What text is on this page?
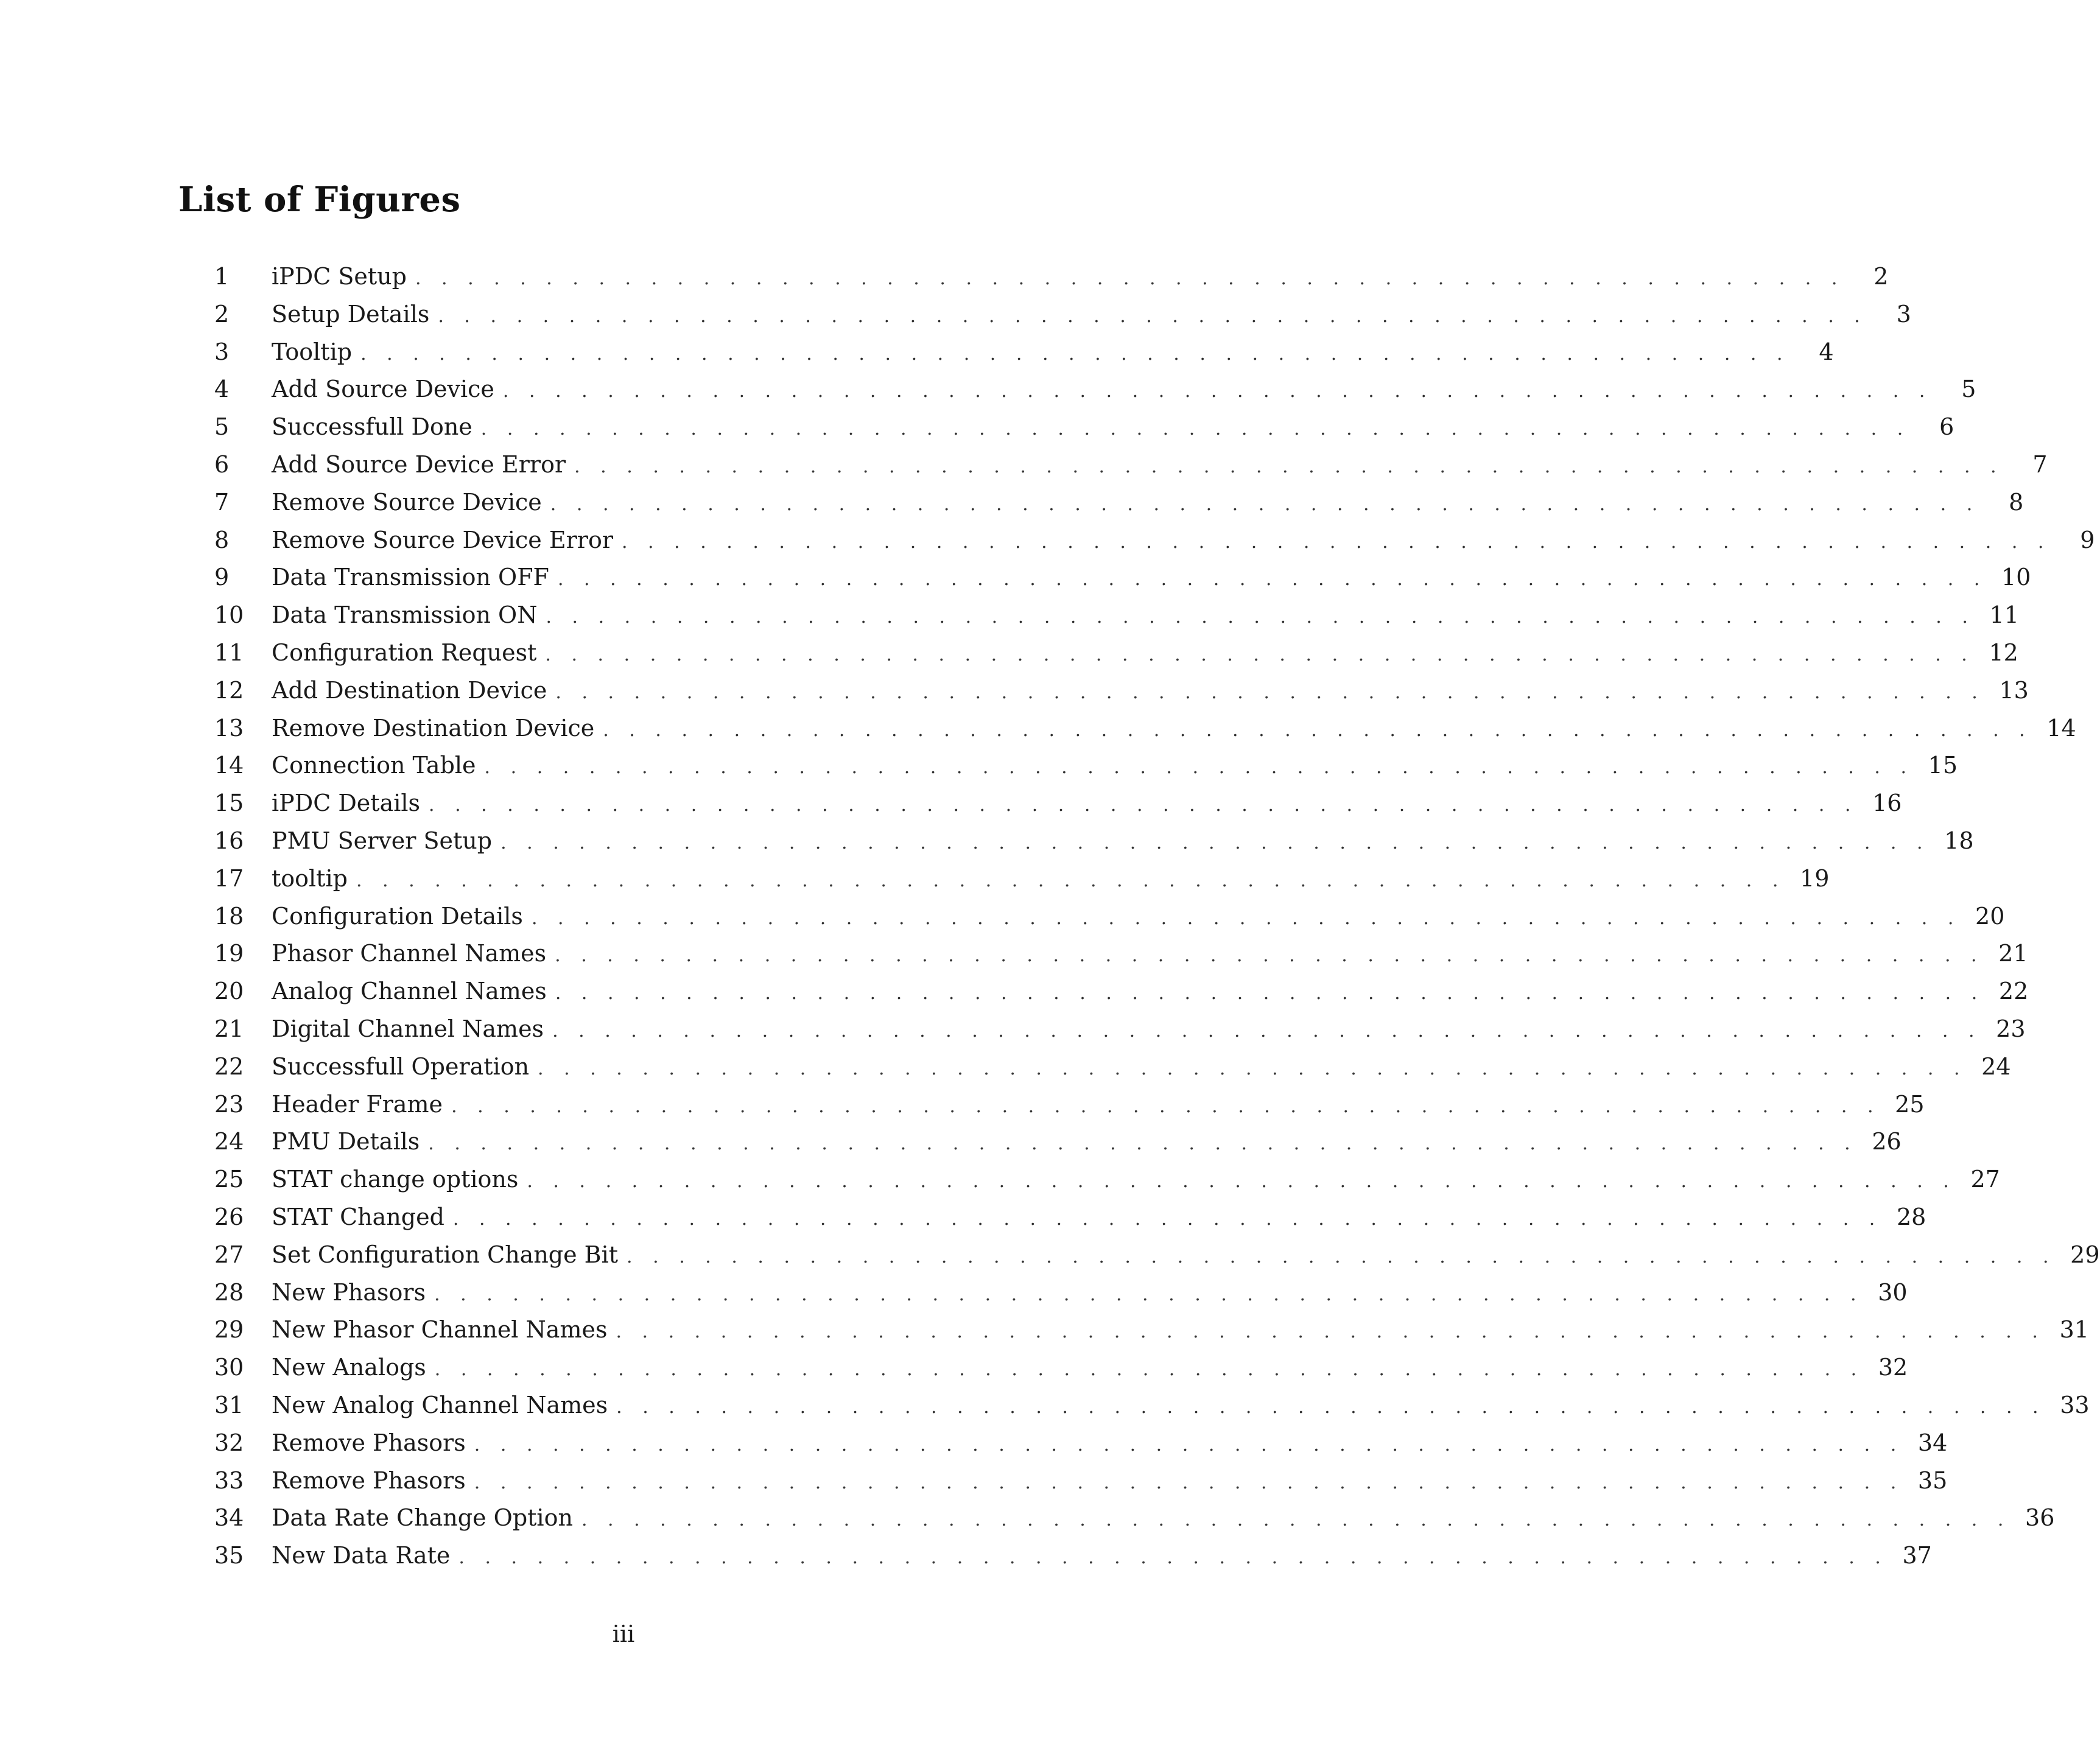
List of Figures
1	iPDC Setup . . . . . . . . . . . . . . . . . . . . . . . . . . . . . . . . . . . . . . . . . . . . . . . . . . . . . . .	2
2	Setup Details . . . . . . . . . . . . . . . . . . . . . . . . . . . . . . . . . . . . . . . . . . . . . . . . . . . . . . .	3
3	Tooltip . . . . . . . . . . . . . . . . . . . . . . . . . . . . . . . . . . . . . . . . . . . . . . . . . . . . . . .	4
4	Add Source Device . . . . . . . . . . . . . . . . . . . . . . . . . . . . . . . . . . . . . . . . . . . . . . . . . . . . . . .	5
5	Successfull Done . . . . . . . . . . . . . . . . . . . . . . . . . . . . . . . . . . . . . . . . . . . . . . . . . . . . . . .	6
6	Add Source Device Error . . . . . . . . . . . . . . . . . . . . . . . . . . . . . . . . . . . . . . . . . . . . . . . . . . . . . . .	7
7	Remove Source Device . . . . . . . . . . . . . . . . . . . . . . . . . . . . . . . . . . . . . . . . . . . . . . . . . . . . . . .	8
8	Remove Source Device Error . . . . . . . . . . . . . . . . . . . . . . . . . . . . . . . . . . . . . . . . . . . . . . . . . . . . . . .	9
9	Data Transmission OFF . . . . . . . . . . . . . . . . . . . . . . . . . . . . . . . . . . . . . . . . . . . . . . . . . . . . . . . 10
10	Data Transmission ON . . . . . . . . . . . . . . . . . . . . . . . . . . . . . . . . . . . . . . . . . . . . . . . . . . . . . . . 11
11	Configuration Request . . . . . . . . . . . . . . . . . . . . . . . . . . . . . . . . . . . . . . . . . . . . . . . . . . . . . . . 12
12	Add Destination Device . . . . . . . . . . . . . . . . . . . . . . . . . . . . . . . . . . . . . . . . . . . . . . . . . . . . . . . 13
13	Remove Destination Device . . . . . . . . . . . . . . . . . . . . . . . . . . . . . . . . . . . . . . . . . . . . . . . . . . . . . . . 14
14	Connection Table . . . . . . . . . . . . . . . . . . . . . . . . . . . . . . . . . . . . . . . . . . . . . . . . . . . . . . . 15
15	iPDC Details . . . . . . . . . . . . . . . . . . . . . . . . . . . . . . . . . . . . . . . . . . . . . . . . . . . . . . . 16
16	PMU Server Setup . . . . . . . . . . . . . . . . . . . . . . . . . . . . . . . . . . . . . . . . . . . . . . . . . . . . . . . 18
17	tooltip . . . . . . . . . . . . . . . . . . . . . . . . . . . . . . . . . . . . . . . . . . . . . . . . . . . . . . . 19
18	Configuration Details . . . . . . . . . . . . . . . . . . . . . . . . . . . . . . . . . . . . . . . . . . . . . . . . . . . . . . . 20
19	Phasor Channel Names . . . . . . . . . . . . . . . . . . . . . . . . . . . . . . . . . . . . . . . . . . . . . . . . . . . . . . . 21
20	Analog Channel Names . . . . . . . . . . . . . . . . . . . . . . . . . . . . . . . . . . . . . . . . . . . . . . . . . . . . . . . 22
21	Digital Channel Names . . . . . . . . . . . . . . . . . . . . . . . . . . . . . . . . . . . . . . . . . . . . . . . . . . . . . . . 23
22	Successfull Operation . . . . . . . . . . . . . . . . . . . . . . . . . . . . . . . . . . . . . . . . . . . . . . . . . . . . . . . 24
23	Header Frame . . . . . . . . . . . . . . . . . . . . . . . . . . . . . . . . . . . . . . . . . . . . . . . . . . . . . . . 25
24	PMU Details . . . . . . . . . . . . . . . . . . . . . . . . . . . . . . . . . . . . . . . . . . . . . . . . . . . . . . . 26
25	STAT change options . . . . . . . . . . . . . . . . . . . . . . . . . . . . . . . . . . . . . . . . . . . . . . . . . . . . . . . 27
26	STAT Changed . . . . . . . . . . . . . . . . . . . . . . . . . . . . . . . . . . . . . . . . . . . . . . . . . . . . . . . 28
27	Set Configuration Change Bit . . . . . . . . . . . . . . . . . . . . . . . . . . . . . . . . . . . . . . . . . . . . . . . . . . . . . . . 29
28	New Phasors . . . . . . . . . . . . . . . . . . . . . . . . . . . . . . . . . . . . . . . . . . . . . . . . . . . . . . . 30
29	New Phasor Channel Names . . . . . . . . . . . . . . . . . . . . . . . . . . . . . . . . . . . . . . . . . . . . . . . . . . . . . . . 31
30	New Analogs . . . . . . . . . . . . . . . . . . . . . . . . . . . . . . . . . . . . . . . . . . . . . . . . . . . . . . . 32
31	New Analog Channel Names . . . . . . . . . . . . . . . . . . . . . . . . . . . . . . . . . . . . . . . . . . . . . . . . . . . . . . . 33
32	Remove Phasors . . . . . . . . . . . . . . . . . . . . . . . . . . . . . . . . . . . . . . . . . . . . . . . . . . . . . . . 34
33	Remove Phasors . . . . . . . . . . . . . . . . . . . . . . . . . . . . . . . . . . . . . . . . . . . . . . . . . . . . . . . 35
34	Data Rate Change Option . . . . . . . . . . . . . . . . . . . . . . . . . . . . . . . . . . . . . . . . . . . . . . . . . . . . . . . 36
35	New Data Rate . . . . . . . . . . . . . . . . . . . . . . . . . . . . . . . . . . . . . . . . . . . . . . . . . . . . . . . 37
iii
